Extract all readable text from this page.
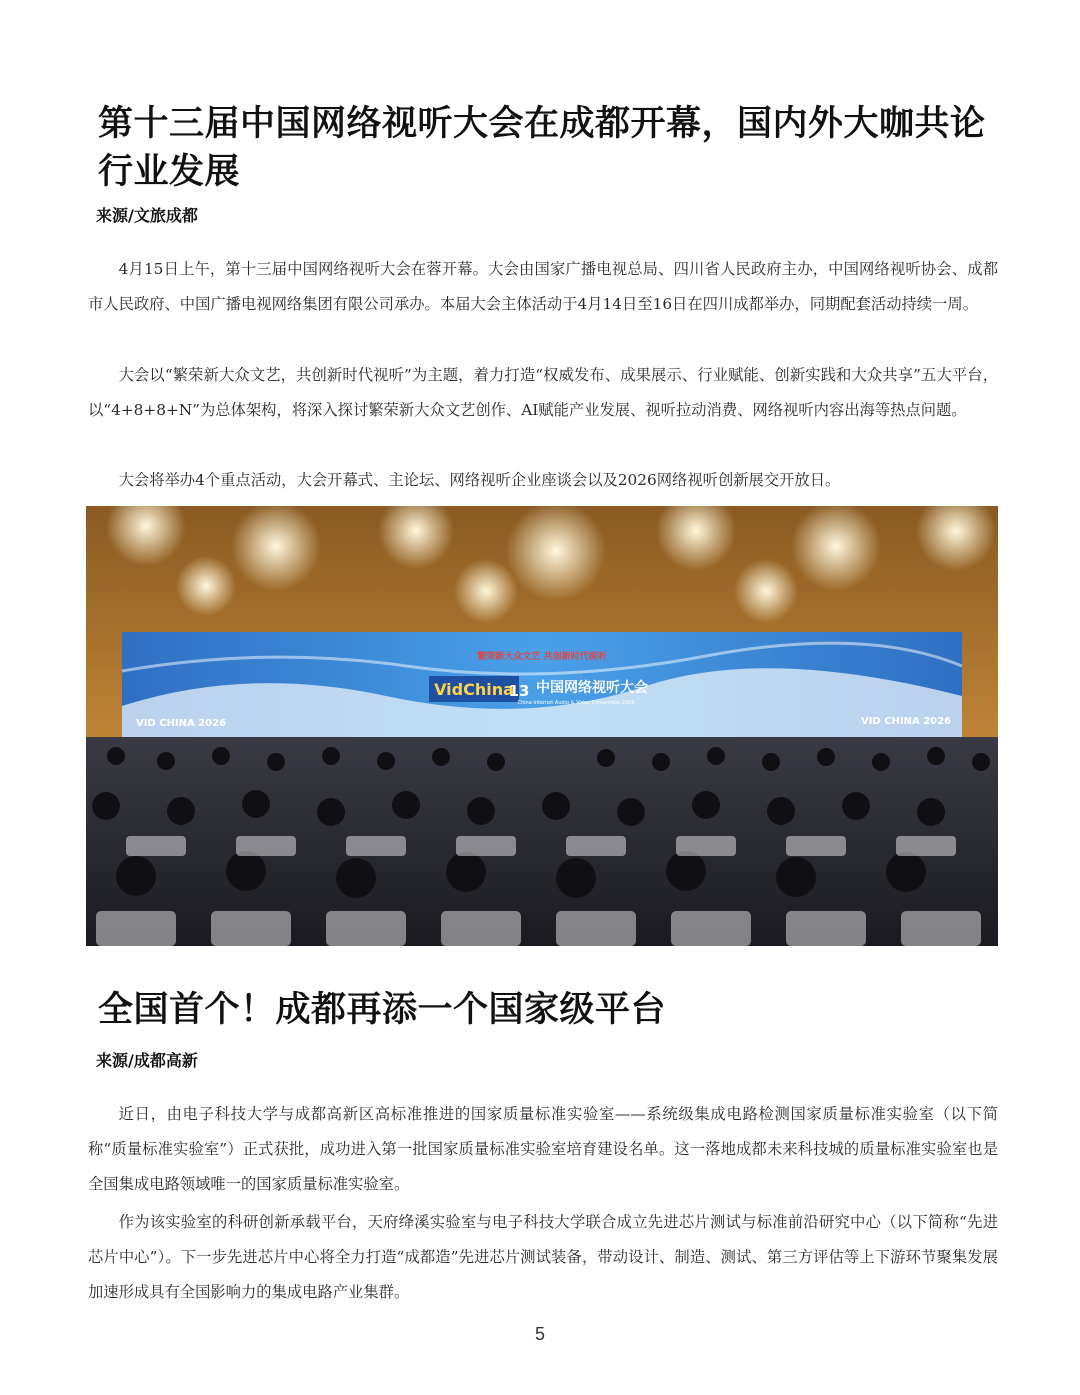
第十三届中国网络视听大会在成都开幕，国内外大咖共论行业发展
来源/文旅成都

4月15日上午，第十三届中国网络视听大会在蓉开幕。大会由国家广播电视总局、四川省人民政府主办，中国网络视听协会、成都市人民政府、中国广播电视网络集团有限公司承办。本届大会主体活动于4月14日至16日在四川成都举办，同期配套活动持续一周。

大会以“繁荣新大众文艺，共创新时代视听”为主题，着力打造“权威发布、成果展示、行业赋能、创新实践和大众共享”五大平台，以“4+8+8+N”为总体架构，将深入探讨繁荣新大众文艺创作、AI赋能产业发展、视听拉动消费、网络视听内容出海等热点问题。

大会将举办4个重点活动，大会开幕式、主论坛、网络视听企业座谈会以及2026网络视听创新展交开放日。

VidChina
繁荣新大众文艺 共创新时代视听
13 中国网络视听大会
China Internet Audio & Video Convention 2026
VID CHINA 2026	VID CHINA 2026
全国首个！成都再添一个国家级平台
来源/成都高新

近日，由电子科技大学与成都高新区高标准推进的国家质量标准实验室——系统级集成电路检测国家质量标准实验室（以下简称“质量标准实验室”）正式获批，成功进入第一批国家质量标准实验室培育建设名单。这一落地成都未来科技城的质量标准实验室也是全国集成电路领域唯一的国家质量标准实验室。

作为该实验室的科研创新承载平台，天府绛溪实验室与电子科技大学联合成立先进芯片测试与标准前沿研究中心（以下简称“先进芯片中心”）。下一步先进芯片中心将全力打造“成都造”先进芯片测试装备，带动设计、制造、测试、第三方评估等上下游环节聚集发展加速形成具有全国影响力的集成电路产业集群。

5
